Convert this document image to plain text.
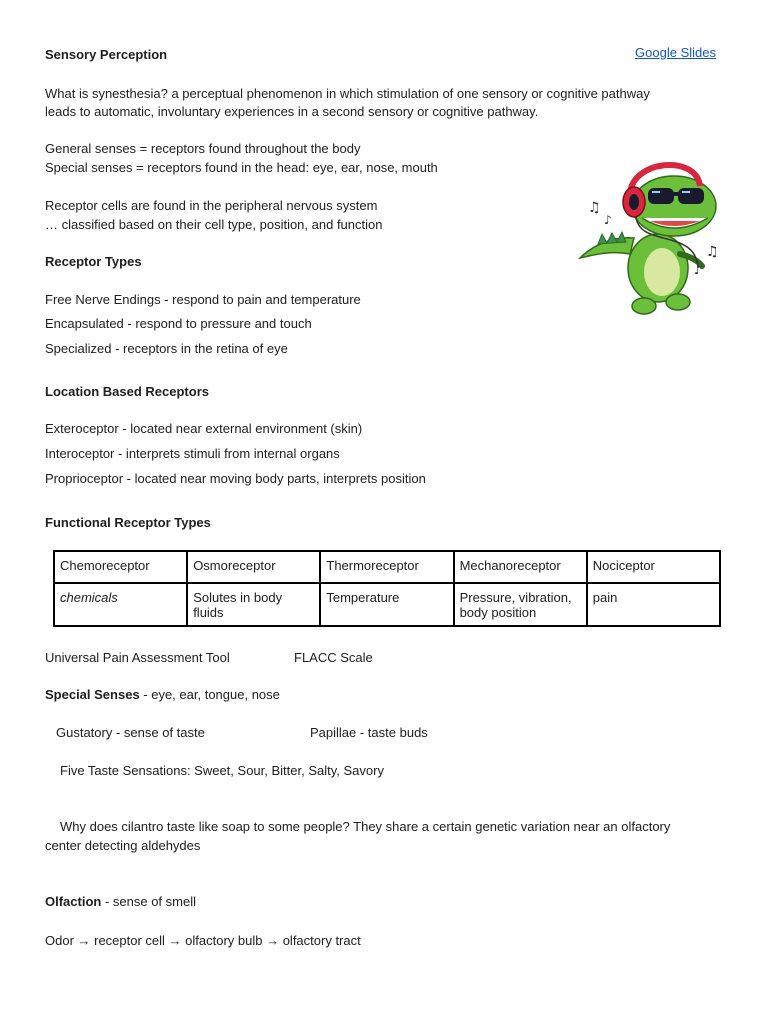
Sensory Perception	Google Slides
What is synesthesia? a perceptual phenomenon in which stimulation of one sensory or cognitive pathway
leads to automatic, involuntary experiences in a second sensory or cognitive pathway.
General senses = receptors found throughout the body
Special senses = receptors found in the head: eye, ear, nose, mouth
Receptor cells are found in the peripheral nervous system
… classified based on their cell type, position, and function
Receptor Types
Free Nerve Endings - respond to pain and temperature
Encapsulated - respond to pressure and touch
Specialized - receptors in the retina of eye
Location Based Receptors
Exteroceptor - located near external environment (skin)
Interoceptor - interprets stimuli from internal organs
Proprioceptor - located near moving body parts, interprets position
Functional Receptor Types
Chemoreceptor	Osmoreceptor	Thermoreceptor	Mechanoreceptor	Nociceptor
chemicals	Solutes in body fluids	Temperature	Pressure, vibration, body position	pain
Universal Pain Assessment Tool	FLACC Scale
Special Senses - eye, ear, tongue, nose
Gustatory - sense of taste	Papillae - taste buds
Five Taste Sensations: Sweet, Sour, Bitter, Salty, Savory
Why does cilantro taste like soap to some people? They share a certain genetic variation near an olfactory
center detecting aldehydes
Olfaction - sense of smell
Odor → receptor cell → olfactory bulb → olfactory tract
♫
♪
♫
♪
